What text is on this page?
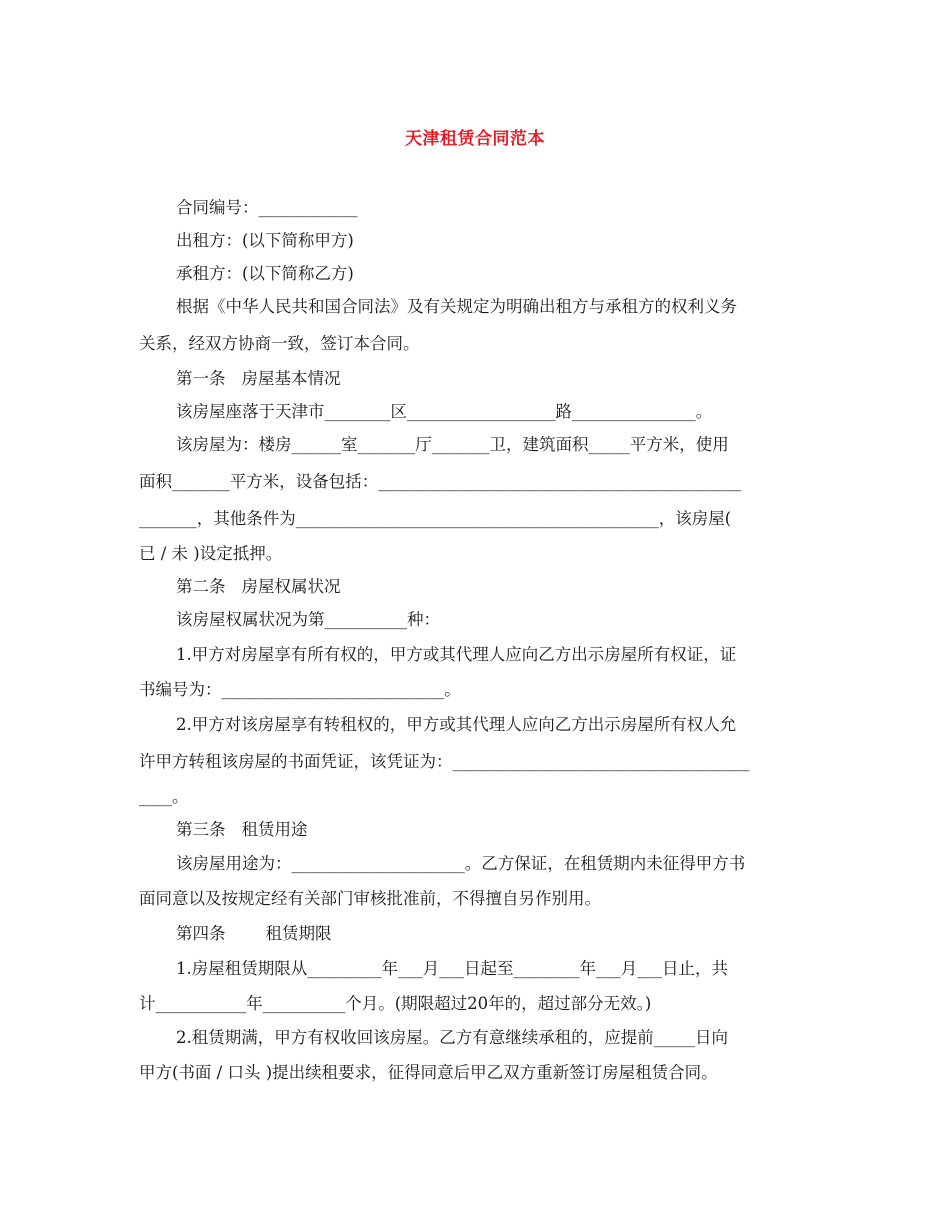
天津租赁合同范本
合同编号：____________
出租方：(以下简称甲方)
承租方：(以下简称乙方)
根据《中华人民共和国合同法》及有关规定为明确出租方与承租方的权利义务
关系，经双方协商一致，签订本合同。
第一条 房屋基本情况
该房屋座落于天津市________区__________________路_______________。
该房屋为：楼房______室_______厅_______卫，建筑面积_____平方米，使用
面积_______平方米，设备包括：____________________________________________
_______，其他条件为____________________________________________，该房屋(
已 / 未 )设定抵押。
第二条 房屋权属状况
该房屋权属状况为第__________种：
1.甲方对房屋享有所有权的，甲方或其代理人应向乙方出示房屋所有权证，证
书编号为：___________________________。
2.甲方对该房屋享有转租权的，甲方或其代理人应向乙方出示房屋所有权人允
许甲方转租该房屋的书面凭证，该凭证为：____________________________________
____。
第三条 租赁用途
该房屋用途为：_____________________。乙方保证，在租赁期内未征得甲方书
面同意以及按规定经有关部门审核批准前，不得擅自另作别用。
第四条 租赁期限
1.房屋租赁期限从_________年___月___日起至________年___月___日止，共
计___________年__________个月。(期限超过20年的，超过部分无效。)
2.租赁期满，甲方有权收回该房屋。乙方有意继续承租的，应提前_____日向
甲方(书面 / 口头 )提出续租要求，征得同意后甲乙双方重新签订房屋租赁合同。
